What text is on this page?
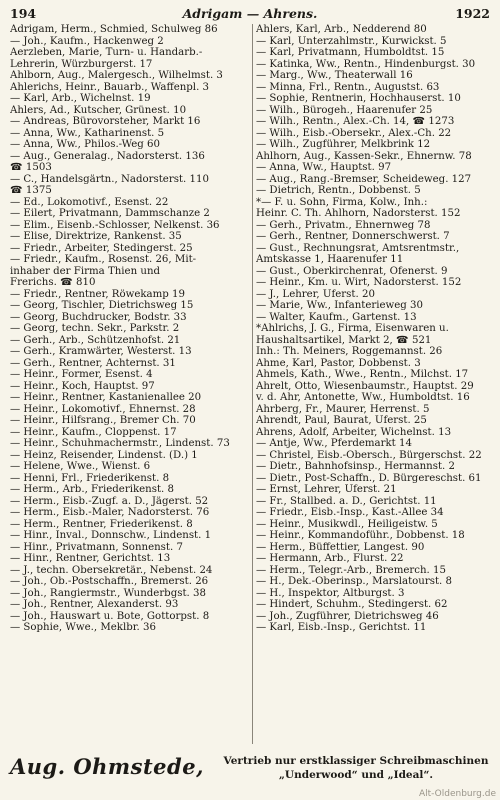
194	Adrigam — Ahrens.	1922
Adrigam, Herm., Schmied, Schulweg 86
— Joh., Kaufm., Hackenweg 2
Aerzleben, Marie, Turn- u. Handarb.-
Lehrerin, Würzburgerst. 17
Ahlborn, Aug., Malergesch., Wilhelmst. 3
Ahlerichs, Heinr., Bauarb., Waffenpl. 3
— Karl, Arb., Wichelnst. 19
Ahlers, Ad., Kutscher, Grünest. 10
— Andreas, Bürovorsteher, Markt 16
— Anna, Ww., Katharinenst. 5
— Anna, Ww., Philos.-Weg 60
— Aug., Generalag., Nadorsterst. 136
☎ 1503
— C., Handelsgärtn., Nadorsterst. 110
☎ 1375
— Ed., Lokomotivf., Esenst. 22
— Eilert, Privatmann, Dammschanze 2
— Elim., Eisenb.-Schlosser, Nelkenst. 36
— Elise, Direktrize, Rankenst. 35
— Friedr., Arbeiter, Stedingerst. 25
— Friedr., Kaufm., Rosenst. 26, Mit-
inhaber der Firma Thien und
Frerichs. ☎ 810
— Friedr., Rentner, Röwekamp 19
— Georg, Tischler, Dietrichsweg 15
— Georg, Buchdrucker, Bodstr. 33
— Georg, techn. Sekr., Parkstr. 2
— Gerh., Arb., Schützenhofst. 21
— Gerh., Kramwärter, Westerst. 13
— Gerh., Rentner, Achternst. 31
— Heinr., Former, Esenst. 4
— Heinr., Koch, Hauptst. 97
— Heinr., Rentner, Kastanienallee 20
— Heinr., Lokomotivf., Ehnernst. 28
— Heinr., Hilfsrang., Bremer Ch. 70
— Heinr., Kaufm., Cloppenst. 17
— Heinr., Schuhmachermstr., Lindenst. 73
— Heinz, Reisender, Lindenst. (D.) 1
— Helene, Wwe., Wienst. 6
— Henni, Frl., Friederikenst. 8
— Herm., Arb., Friederikenst. 8
— Herm., Eisb.-Zugf. a. D., Jägerst. 52
— Herm., Eisb.-Maler, Nadorsterst. 76
— Herm., Rentner, Friederikenst. 8
— Hinr., Inval., Donnschw., Lindenst. 1
— Hinr., Privatmann, Sonnenst. 7
— Hinr., Rentner, Gerichtst. 13
— J., techn. Obersekretär., Nebenst. 24
— Joh., Ob.-Postschaffn., Bremerst. 26
— Joh., Rangiermstr., Wunderbgst. 38
— Joh., Rentner, Alexanderst. 93
— Joh., Hauswart u. Bote, Gottorpst. 8
— Sophie, Wwe., Meklbr. 36
Ahlers, Karl, Arb., Nedderend 80
— Karl, Unterzahlmstr., Kurwickst. 5
— Karl, Privatmann, Humboldtst. 15
— Katinka, Ww., Rentn., Hindenburgst. 30
— Marg., Ww., Theaterwall 16
— Minna, Frl., Rentn., Augustst. 63
— Sophie, Rentnerin, Hochhauserst. 10
— Wilh., Bürogeh., Haarenufer 25
— Wilh., Rentn., Alex.-Ch. 14, ☎ 1273
— Wilh., Eisb.-Obersekr., Alex.-Ch. 22
— Wilh., Zugführer, Melkbrink 12
Ahlhorn, Aug., Kassen-Sekr., Ehnernw. 78
— Anna, Ww., Hauptst. 97
— Aug., Rang.-Bremser, Scheideweg. 127
— Dietrich, Rentn., Dobbenst. 5
*— F. u. Sohn, Firma, Kolw., Inh.:
Heinr. C. Th. Ahlhorn, Nadorsterst. 152
— Gerh., Privatm., Ehnernweg 78
— Gerh., Rentner, Donnerschwerst. 7
— Gust., Rechnungsrat, Amtsrentmstr.,
Amtskasse 1, Haarenufer 11
— Gust., Oberkirchenrat, Ofenerst. 9
— Heinr., Km. u. Wirt, Nadorsterst. 152
— J., Lehrer, Uferst. 20
— Marie, Ww., Infanterieweg 30
— Walter, Kaufm., Gartenst. 13
*Ahlrichs, J. G., Firma, Eisenwaren u.
Haushaltsartikel, Markt 2, ☎ 521
Inh.: Th. Meiners, Roggemannst. 26
Ahme, Karl, Pastor, Dobbenst. 3
Ahmels, Kath., Wwe., Rentn., Milchst. 17
Ahrelt, Otto, Wiesenbaumstr., Hauptst. 29
v. d. Ahr, Antonette, Ww., Humboldtst. 16
Ahrberg, Fr., Maurer, Herrenst. 5
Ahrendt, Paul, Baurat, Uferst. 25
Ahrens, Adolf, Arbeiter, Wichelnst. 13
— Antje, Ww., Pferdemarkt 14
— Christel, Eisb.-Obersch., Bürgerschst. 22
— Dietr., Bahnhofsinsp., Hermannst. 2
— Dietr., Post-Schaffn., D. Bürgereschst. 61
— Ernst, Lehrer, Uferst. 21
— Fr., Stallbed. a. D., Gerichtst. 11
— Friedr., Eisb.-Insp., Kast.-Allee 34
— Heinr., Musikwdl., Heiligeistw. 5
— Heinr., Kommandoführ., Dobbenst. 18
— Herm., Büffettier, Langest. 90
— Hermann, Arb., Flurst. 22
— Herm., Telegr.-Arb., Bremerch. 15
— H., Dek.-Oberinsp., Marslatourst. 8
— H., Inspektor, Altburgst. 3
— Hindert, Schuhm., Stedingerst. 62
— Joh., Zugführer, Dietrichsweg 46
— Karl, Eisb.-Insp., Gerichtst. 11
Aug. Ohmstede,	Vertrieb nur erstklassiger Schreibmaschinen
„Underwood“ und „Ideal“.
Alt-Oldenburg.de
